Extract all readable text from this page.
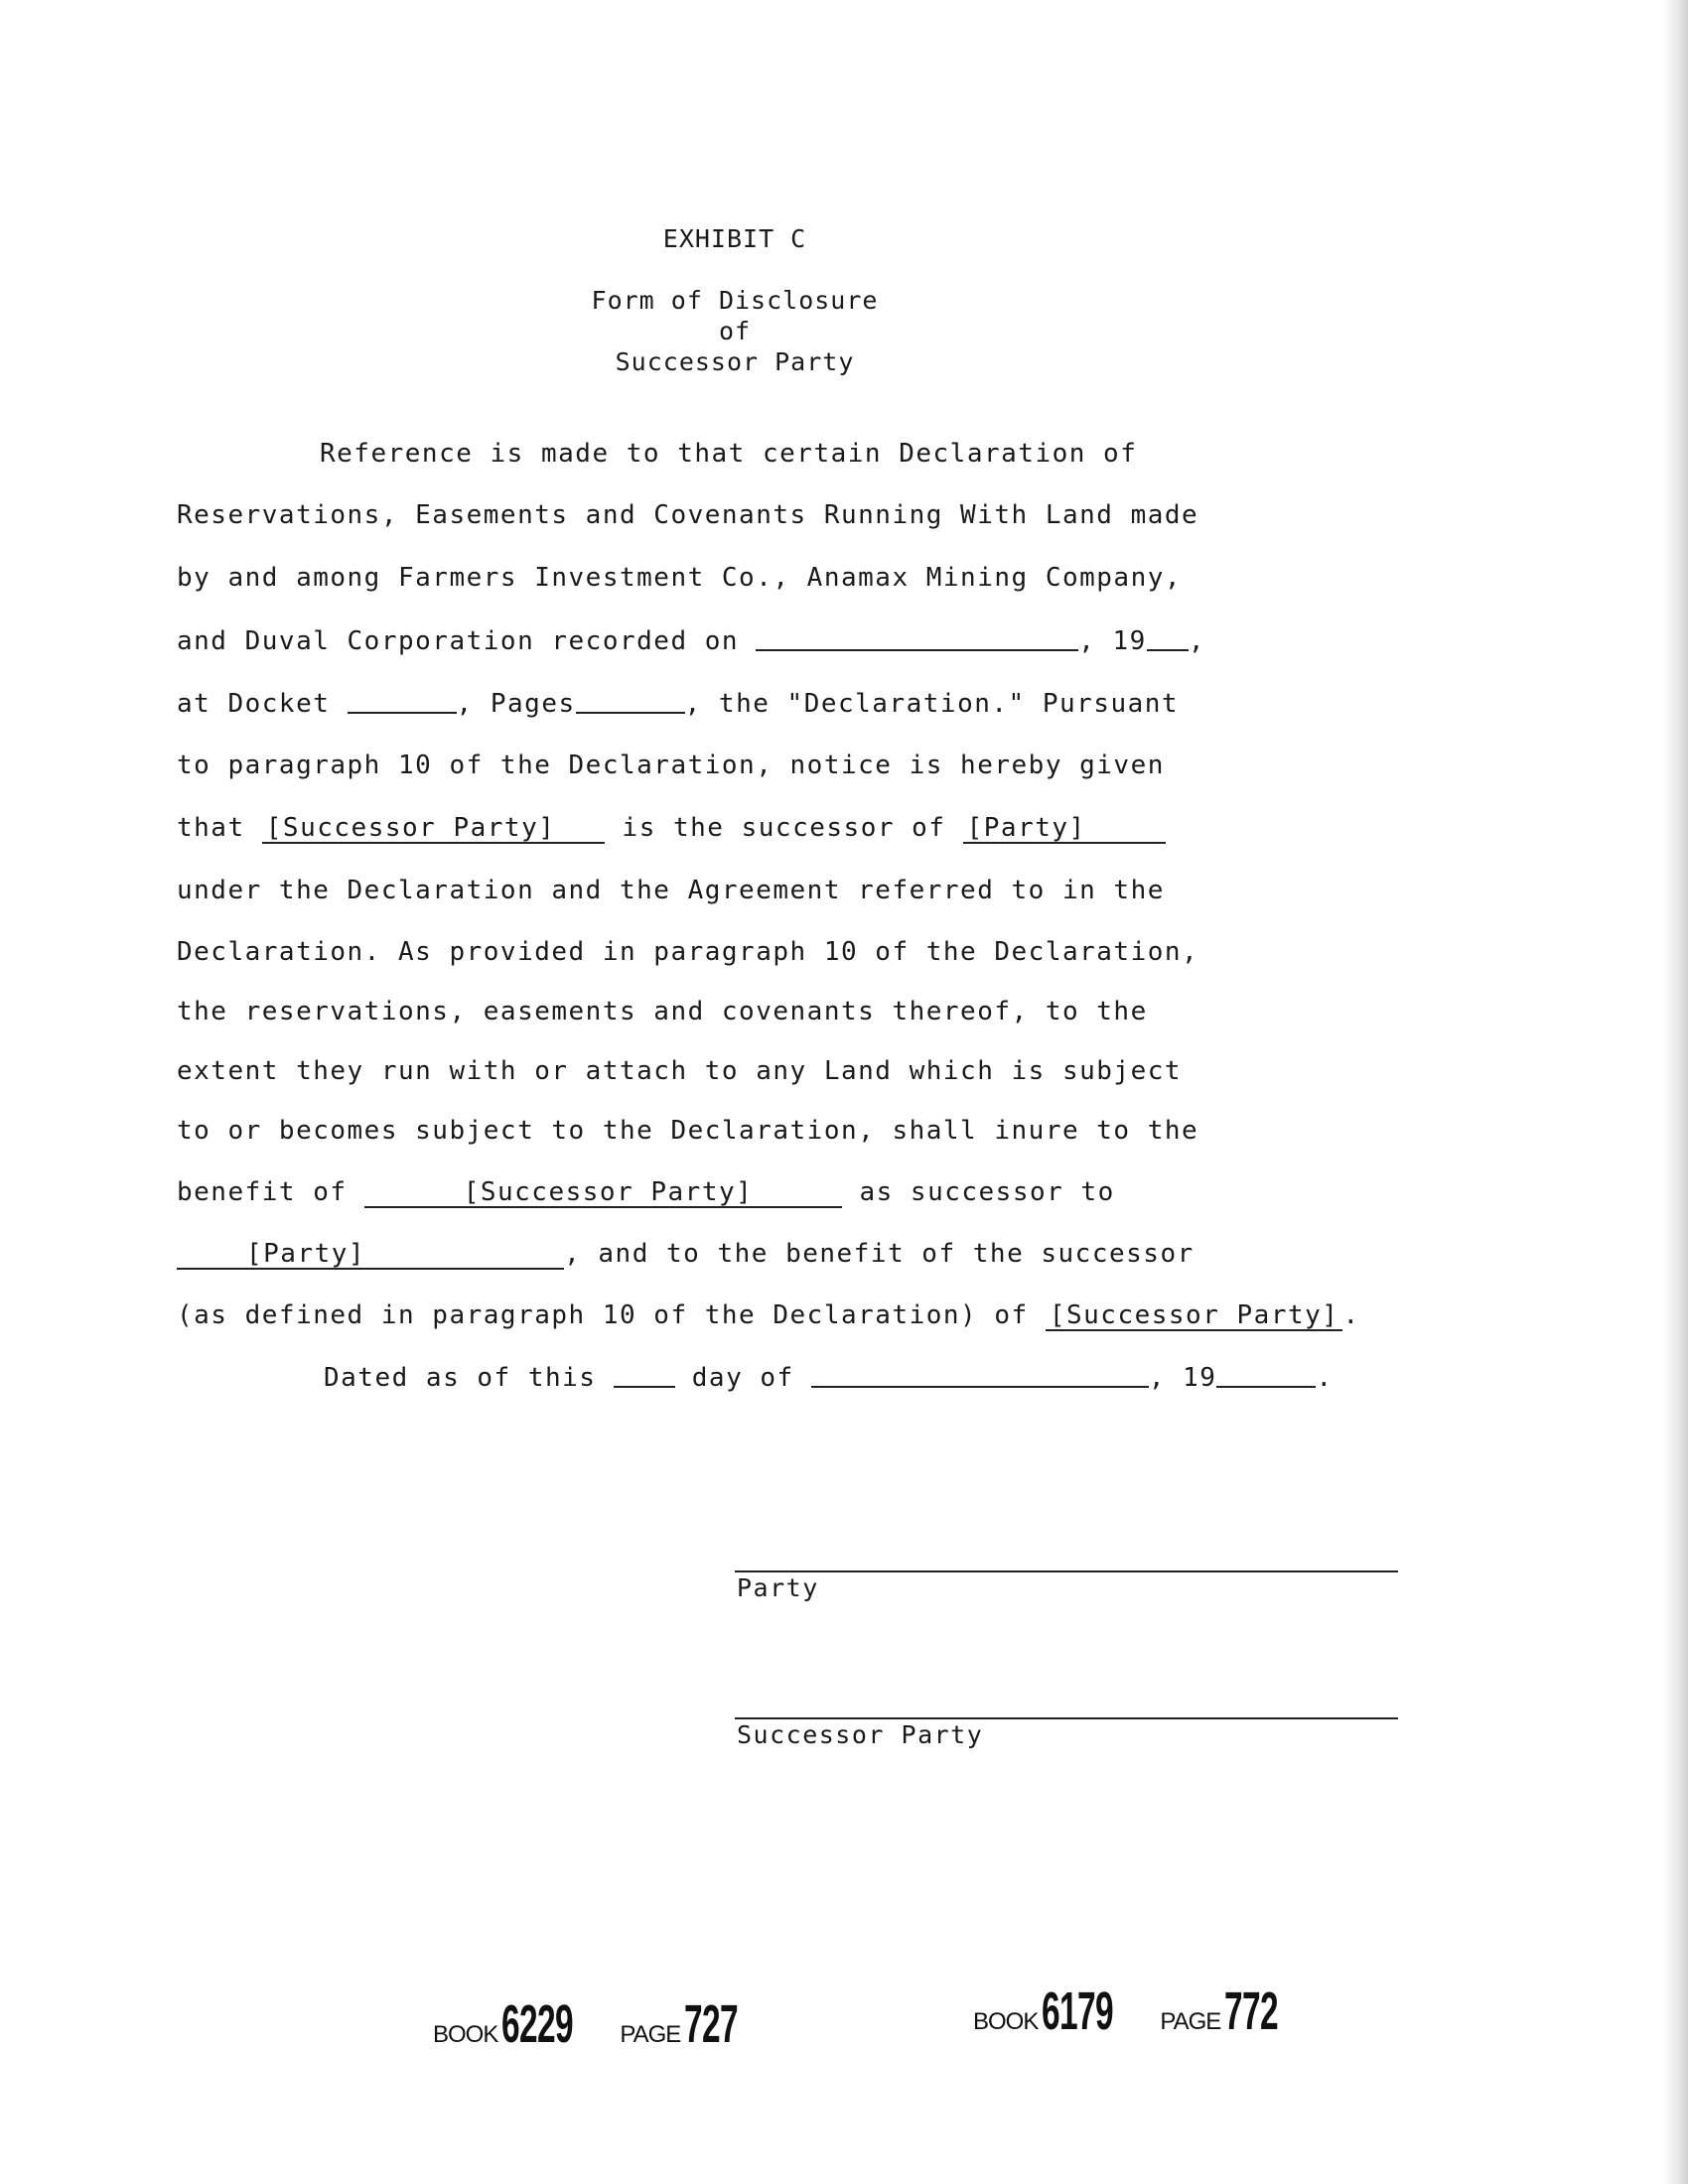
EXHIBIT C
Form of Disclosure
of
Successor Party
Reference is made to that certain Declaration of
Reservations, Easements and Covenants Running With Land made
by and among Farmers Investment Co., Anamax Mining Company,
and Duval Corporation recorded on	, 19 ,
at Docket	, Pages	, the "Declaration." Pursuant
to paragraph 10 of the Declaration, notice is hereby given
that [Successor Party] is the successor of [Party]
under the Declaration and the Agreement referred to in the
Declaration. As provided in paragraph 10 of the Declaration,
the reservations, easements and covenants thereof, to the
extent they run with or attach to any Land which is subject
to or becomes subject to the Declaration, shall inure to the
benefit of	[Successor Party]	as successor to
[Party]	, and to the benefit of the successor
(as defined in paragraph 10 of the Declaration) of [Successor Party] .
Dated as of this  day of	, 19	.
Party
Successor Party
BOOK 6229 PAGE 727	BOOK 6179 PAGE 772
